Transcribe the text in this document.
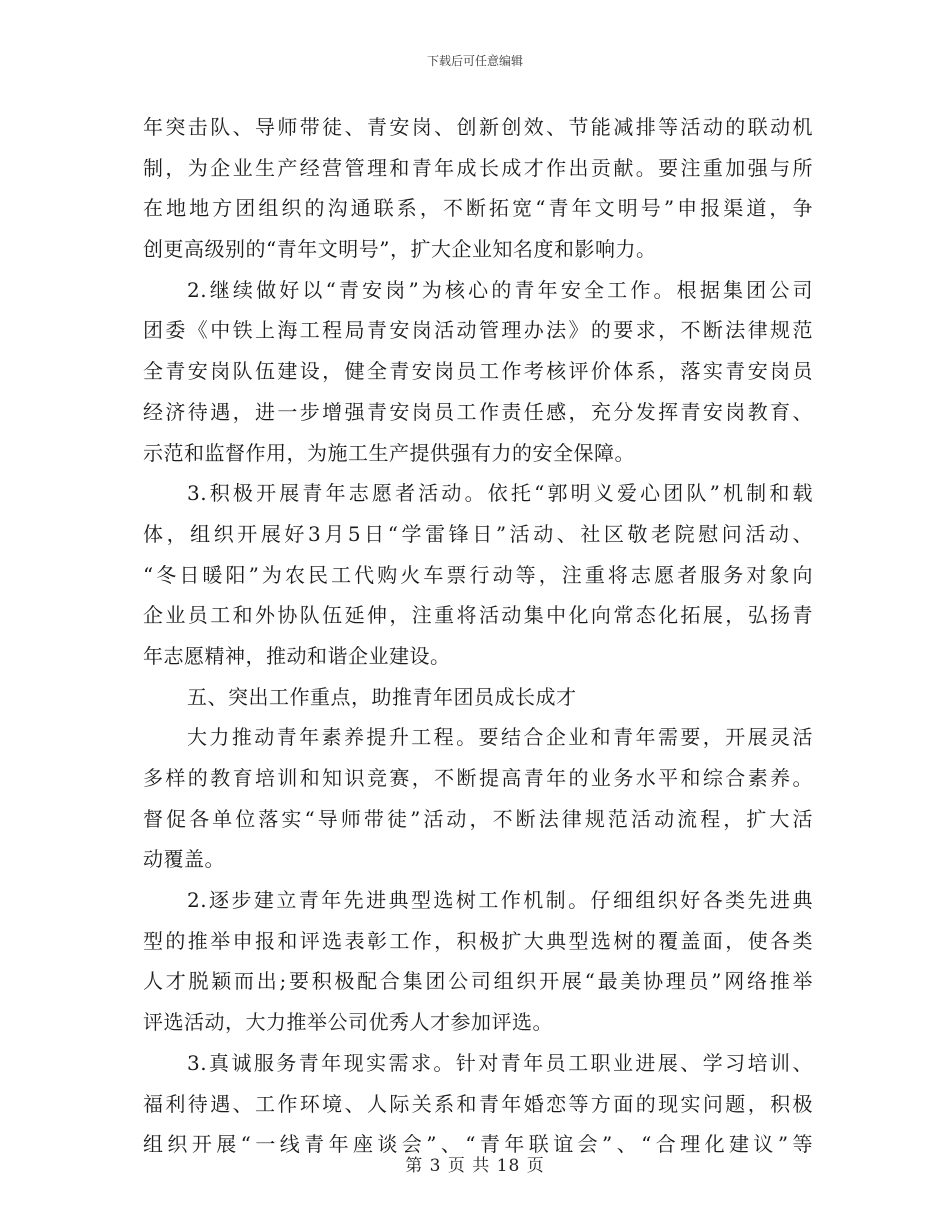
下载后可任意编辑
年突击队、导师带徒、青安岗、创新创效、节能减排等活动的联动机
制，为企业生产经营管理和青年成长成才作出贡献。要注重加强与所
在地地方团组织的沟通联系，不断拓宽“青年文明号”申报渠道，争
创更高级别的“青年文明号”，扩大企业知名度和影响力。
2.继续做好以“青安岗”为核心的青年安全工作。根据集团公司
团委《中铁上海工程局青安岗活动管理办法》的要求，不断法律规范
全青安岗队伍建设，健全青安岗员工作考核评价体系，落实青安岗员
经济待遇，进一步增强青安岗员工作责任感，充分发挥青安岗教育、
示范和监督作用，为施工生产提供强有力的安全保障。
3.积极开展青年志愿者活动。依托“郭明义爱心团队”机制和载
体，组织开展好3月5日“学雷锋日”活动、社区敬老院慰问活动、
“冬日暖阳”为农民工代购火车票行动等，注重将志愿者服务对象向
企业员工和外协队伍延伸，注重将活动集中化向常态化拓展，弘扬青
年志愿精神，推动和谐企业建设。
五、突出工作重点，助推青年团员成长成才
大力推动青年素养提升工程。要结合企业和青年需要，开展灵活
多样的教育培训和知识竞赛，不断提高青年的业务水平和综合素养。
督促各单位落实“导师带徒”活动，不断法律规范活动流程，扩大活
动覆盖。
2.逐步建立青年先进典型选树工作机制。仔细组织好各类先进典
型的推举申报和评选表彰工作，积极扩大典型选树的覆盖面，使各类
人才脱颖而出;要积极配合集团公司组织开展“最美协理员”网络推举
评选活动，大力推举公司优秀人才参加评选。
3.真诚服务青年现实需求。针对青年员工职业进展、学习培训、
福利待遇、工作环境、人际关系和青年婚恋等方面的现实问题，积极
组织开展“一线青年座谈会”、“青年联谊会”、“合理化建议”等
第 3 页 共 18 页
